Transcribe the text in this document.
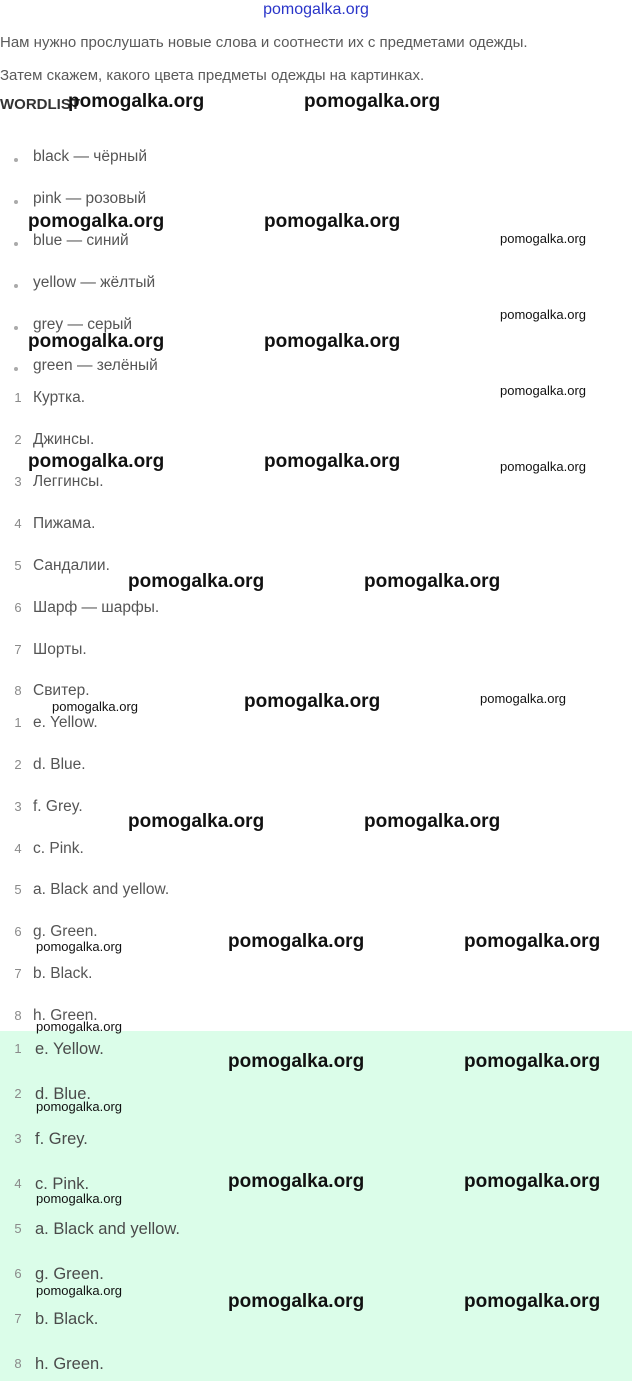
pomogalka.org
Нам нужно прослушать новые слова и соотнести их с предметами одежды.
Затем скажем, какого цвета предметы одежды на картинках.
WORDLIST
black — чёрный
pink — розовый
blue — синий
yellow — жёлтый
grey — серый
green — зелёный
1 Куртка.
2 Джинсы.
3 Леггинсы.
4 Пижама.
5 Сандалии.
6 Шарф — шарфы.
7 Шорты.
8 Свитер.
1 e. Yellow.
2 d. Blue.
3 f. Grey.
4 c. Pink.
5 a. Black and yellow.
6 g. Green.
7 b. Black.
8 h. Green.
1 e. Yellow.
2 d. Blue.
3 f. Grey.
4 c. Pink.
5 a. Black and yellow.
6 g. Green.
7 b. Black.
8 h. Green.
pomogalka.org	pomogalka.org
pomogalka.org	pomogalka.org
pomogalka.org	pomogalka.org
pomogalka.org	pomogalka.org
pomogalka.org	pomogalka.org
pomogalka.org
pomogalka.org	pomogalka.org
pomogalka.org	pomogalka.org
pomogalka.org	pomogalka.org
pomogalka.org	pomogalka.org
pomogalka.org	pomogalka.org
pomogalka.org
pomogalka.org
pomogalka.org
pomogalka.org
pomogalka.org
pomogalka.org
pomogalka.org
pomogalka.org
pomogalka.org
pomogalka.org
pomogalka.org
